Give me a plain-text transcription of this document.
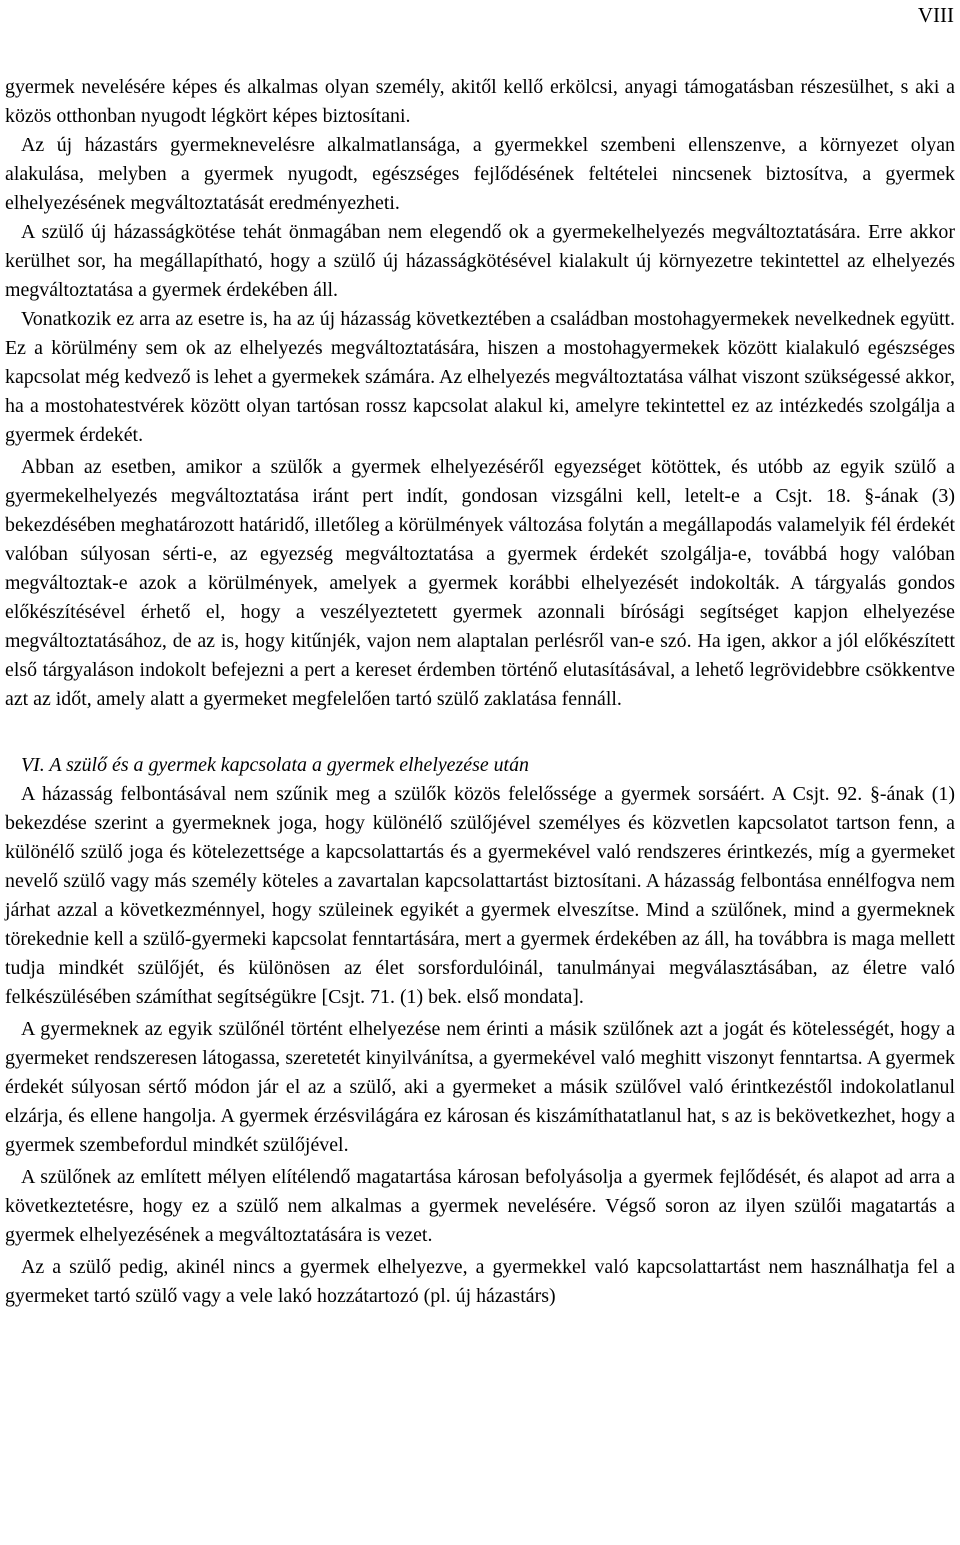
VIII

gyermek nevelésére képes és alkalmas olyan személy, akitől kellő erkölcsi, anyagi támogatásban részesülhet, s aki a közös otthonban nyugodt légkört képes biztosítani.

Az új házastárs gyermeknevelésre alkalmatlansága, a gyermekkel szembeni ellenszenve, a környezet olyan alakulása, melyben a gyermek nyugodt, egészséges fejlődésének feltételei nincsenek biztosítva, a gyermek elhelyezésének megváltoztatását eredményezheti.

A szülő új házasságkötése tehát önmagában nem elegendő ok a gyermekelhelyezés megváltoztatására. Erre akkor kerülhet sor, ha megállapítható, hogy a szülő új házasságkötésével kialakult új környezetre tekintettel az elhelyezés megváltoztatása a gyermek érdekében áll.

Vonatkozik ez arra az esetre is, ha az új házasság következtében a családban mostohagyermekek nevelkednek együtt. Ez a körülmény sem ok az elhelyezés megváltoztatására, hiszen a mostohagyermekek között kialakuló egészséges kapcsolat még kedvező is lehet a gyermekek számára. Az elhelyezés megváltoztatása válhat viszont szükségessé akkor, ha a mostohatestvérek között olyan tartósan rossz kapcsolat alakul ki, amelyre tekintettel ez az intézkedés szolgálja a gyermek érdekét.

Abban az esetben, amikor a szülők a gyermek elhelyezéséről egyezséget kötöttek, és utóbb az egyik szülő a gyermekelhelyezés megváltoztatása iránt pert indít, gondosan vizsgálni kell, letelt-e a Csjt. 18. §-ának (3) bekezdésében meghatározott határidő, illetőleg a körülmények változása folytán a megállapodás valamelyik fél érdekét valóban súlyosan sérti-e, az egyezség megváltoztatása a gyermek érdekét szolgálja-e, továbbá hogy valóban megváltoztak-e azok a körülmények, amelyek a gyermek korábbi elhelyezését indokolták. A tárgyalás gondos előkészítésével érhető el, hogy a veszélyeztetett gyermek azonnali bírósági segítséget kapjon elhelyezése megváltoztatásához, de az is, hogy kitűnjék, vajon nem alaptalan perlésről van-e szó. Ha igen, akkor a jól előkészített első tárgyaláson indokolt befejezni a pert a kereset érdemben történő elutasításával, a lehető legrövidebbre csökkentve azt az időt, amely alatt a gyermeket megfelelően tartó szülő zaklatása fennáll.

VI. A szülő és a gyermek kapcsolata a gyermek elhelyezése után

A házasság felbontásával nem szűnik meg a szülők közös felelőssége a gyermek sorsáért. A Csjt. 92. §-ának (1) bekezdése szerint a gyermeknek joga, hogy különélő szülőjével személyes és közvetlen kapcsolatot tartson fenn, a különélő szülő joga és kötelezettsége a kapcsolattartás és a gyermekével való rendszeres érintkezés, míg a gyermeket nevelő szülő vagy más személy köteles a zavartalan kapcsolattartást biztosítani. A házasság felbontása ennélfogva nem járhat azzal a következménnyel, hogy szüleinek egyikét a gyermek elveszítse. Mind a szülőnek, mind a gyermeknek törekednie kell a szülő-gyermeki kapcsolat fenntartására, mert a gyermek érdekében az áll, ha továbbra is maga mellett tudja mindkét szülőjét, és különösen az élet sorsfordulóinál, tanulmányai megválasztásában, az életre való felkészülésében számíthat segítségükre [Csjt. 71. (1) bek. első mondata].

A gyermeknek az egyik szülőnél történt elhelyezése nem érinti a másik szülőnek azt a jogát és kötelességét, hogy a gyermeket rendszeresen látogassa, szeretetét kinyilvánítsa, a gyermekével való meghitt viszonyt fenntartsa. A gyermek érdekét súlyosan sértő módon jár el az a szülő, aki a gyermeket a másik szülővel való érintkezéstől indokolatlanul elzárja, és ellene hangolja. A gyermek érzésvilágára ez károsan és kiszámíthatatlanul hat, s az is bekövetkezhet, hogy a gyermek szembefordul mindkét szülőjével.

A szülőnek az említett mélyen elítélendő magatartása károsan befolyásolja a gyermek fejlődését, és alapot ad arra a következtetésre, hogy ez a szülő nem alkalmas a gyermek nevelésére. Végső soron az ilyen szülői magatartás a gyermek elhelyezésének a megváltoztatására is vezet.

Az a szülő pedig, akinél nincs a gyermek elhelyezve, a gyermekkel való kapcsolattartást nem használhatja fel a gyermeket tartó szülő vagy a vele lakó hozzátartozó (pl. új házastárs)
